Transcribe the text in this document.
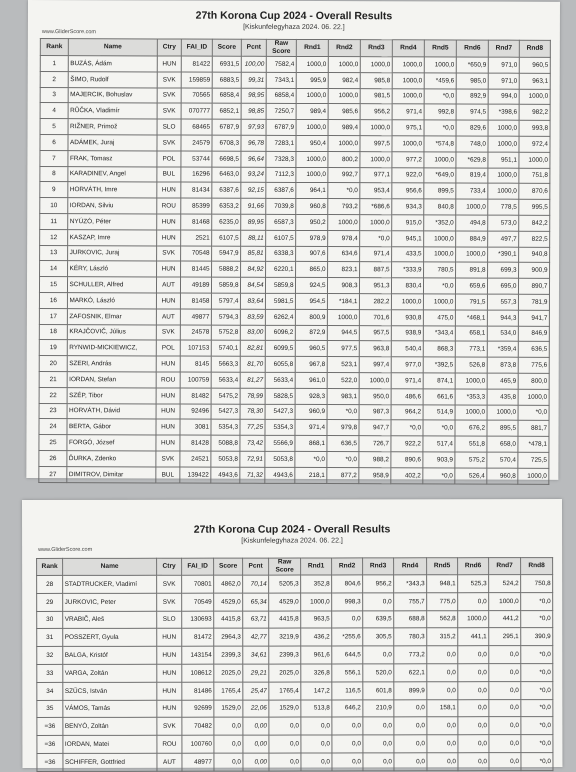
27th Korona Cup 2024 - Overall Results
[Kiskunfelegyhaza 2024. 06. 22.]
www.GliderScore.com
Rank	Name	Ctry	FAI_ID	Score	Pcnt	Raw Score	Rnd1	Rnd2	Rnd3	Rnd4	Rnd5	Rnd6	Rnd7	Rnd8
1	BUZÁS, Ádám	HUN	81422	6931,5	100,00	7582,4	1000,0	1000,0	1000,0	1000,0	1000,0	*650,9	971,0	960,5
2	ŠIMO, Rudolf	SVK	159859	6883,5	99,31	7343,1	995,9	982,4	985,8	1000,0	*459,6	985,0	971,0	963,1
3	MAJERCIK, Bohuslav	SVK	70565	6858,4	98,95	6858,4	1000,0	1000,0	981,5	1000,0	*0,0	892,9	994,0	1000,0
4	RŮČKA, Vladimír	SVK	070777	6852,1	98,85	7250,7	989,4	985,6	956,2	971,4	992,8	974,5	*398,6	982,2
5	RIŽNER, Primož	SLO	68465	6787,9	97,93	6787,9	1000,0	989,4	1000,0	975,1	*0,0	829,6	1000,0	993,8
6	ADÁMEK, Juraj	SVK	24579	6708,3	96,78	7283,1	950,4	1000,0	997,5	1000,0	*574,8	748,0	1000,0	972,4
7	FRAK, Tomasz	POL	53744	6698,5	96,64	7328,3	1000,0	800,2	1000,0	977,2	1000,0	*629,8	951,1	1000,0
8	KARADINEV, Angel	BUL	16296	6463,0	93,24	7112,3	1000,0	992,7	977,1	922,0	*649,0	819,4	1000,0	751,8
9	HORVÁTH, Imre	HUN	81434	6387,6	92,15	6387,6	964,1	*0,0	953,4	956,6	899,5	733,4	1000,0	870,6
10	IORDAN, Silviu	ROU	85399	6353,2	91,66	7039,8	960,8	793,2	*686,6	934,3	840,8	1000,0	778,5	995,5
11	NYÚZÓ, Péter	HUN	81468	6235,0	89,95	6587,3	950,2	1000,0	1000,0	915,0	*352,0	494,8	573,0	842,2
12	KASZAP, Imre	HUN	2521	6107,5	88,11	6107,5	978,9	978,4	*0,0	945,1	1000,0	884,9	497,7	822,5
13	JURKOVIC, Juraj	SVK	70548	5947,9	85,81	6338,3	907,6	634,6	971,4	433,5	1000,0	1000,0	*390,1	940,8
14	KÉRY, László	HUN	81445	5888,2	84,92	6220,1	865,0	823,1	887,5	*333,9	780,5	891,8	699,3	900,9
15	SCHULLER, Alfred	AUT	49189	5859,8	84,54	5859,8	924,5	908,3	951,3	830,4	*0,0	659,6	695,0	890,7
16	MARKÓ, László	HUN	81458	5797,4	83,64	5981,5	954,5	*184,1	282,2	1000,0	1000,0	791,5	557,3	781,9
17	ZAFOSNIK, Elmar	AUT	49877	5794,3	83,59	6262,4	800,9	1000,0	701,6	930,8	475,0	*468,1	944,3	941,7
18	KRAJČOVIČ, Július	SVK	24578	5752,8	83,00	6096,2	872,9	944,5	957,5	938,9	*343,4	658,1	534,0	846,9
19	RYNWID-MICKIEWICZ,	POL	107153	5740,1	82,81	6099,5	960,5	977,5	963,8	540,4	868,3	773,1	*359,4	636,5
20	SZERI, András	HUN	8145	5663,3	81,70	6055,8	967,8	523,1	997,4	977,0	*392,5	526,8	873,8	775,6
21	IORDAN, Stefan	ROU	100759	5633,4	81,27	5633,4	961,0	522,0	1000,0	971,4	874,1	1000,0	465,9	800,0
22	SZÉP, Tibor	HUN	81482	5475,2	78,99	5828,5	928,3	983,1	950,0	486,6	661,6	*353,3	435,8	1000,0
23	HORVÁTH, Dávid	HUN	92496	5427,3	78,30	5427,3	960,9	*0,0	987,3	964,2	514,9	1000,0	1000,0	*0,0
24	BERTA, Gábor	HUN	3081	5354,3	77,25	5354,3	971,4	979,8	947,7	*0,0	*0,0	676,2	895,5	881,7
25	FORGÓ, József	HUN	81428	5088,8	73,42	5566,9	868,1	636,5	726,7	922,2	517,4	551,8	658,0	*478,1
26	ĎURKA, Zdenko	SVK	24521	5053,8	72,91	5053,8	*0,0	*0,0	988,2	890,6	903,9	575,2	570,4	725,5
27	DIMITROV, Dimitar	BUL	139422	4943,6	71,32	4943,6	218,1	877,2	958,9	402,2	*0,0	526,4	960,8	1000,0
27th Korona Cup 2024 - Overall Results
[Kiskunfelegyhaza 2024. 06. 22.]
www.GliderScore.com
Rank	Name	Ctry	FAI_ID	Score	Pcnt	Raw Score	Rnd1	Rnd2	Rnd3	Rnd4	Rnd5	Rnd6	Rnd7	Rnd8
28	STADTRUCKER, Vladimí	SVK	70801	4862,0	70,14	5205,3	352,8	804,6	956,2	*343,3	948,1	525,3	524,2	750,8
29	JURKOVIC, Peter	SVK	70549	4529,0	65,34	4529,0	1000,0	998,3	0,0	755,7	775,0	0,0	1000,0	*0,0
30	VRABIČ, Aleš	SLO	130693	4415,8	63,71	4415,8	963,5	0,0	639,5	688,8	562,8	1000,0	441,2	*0,0
31	POSSZERT, Gyula	HUN	81472	2964,3	42,77	3219,9	436,2	*255,6	305,5	780,3	315,2	441,1	295,1	390,9
32	BALGA, Kristóf	HUN	143154	2399,3	34,61	2399,3	961,6	644,5	0,0	773,2	0,0	0,0	0,0	*0,0
33	VARGA, Zoltán	HUN	108612	2025,0	29,21	2025,0	326,8	556,1	520,0	622,1	0,0	0,0	0,0	*0,0
34	SZŰCS, István	HUN	81486	1765,4	25,47	1765,4	147,2	116,5	601,8	899,9	0,0	0,0	0,0	*0,0
35	VÁMOS, Tamás	HUN	92699	1529,0	22,06	1529,0	513,8	646,2	210,9	0,0	158,1	0,0	0,0	*0,0
=36	BENYÓ, Zoltán	SVK	70482	0,0	0,00	0,0	0,0	0,0	0,0	0,0	0,0	0,0	0,0	*0,0
=36	IORDAN, Matei	ROU	100760	0,0	0,00	0,0	0,0	0,0	0,0	0,0	0,0	0,0	0,0	*0,0
=36	SCHIFFER, Gottfried	AUT	48977	0,0	0,00	0,0	0,0	0,0	0,0	0,0	0,0	0,0	0,0	*0,0
